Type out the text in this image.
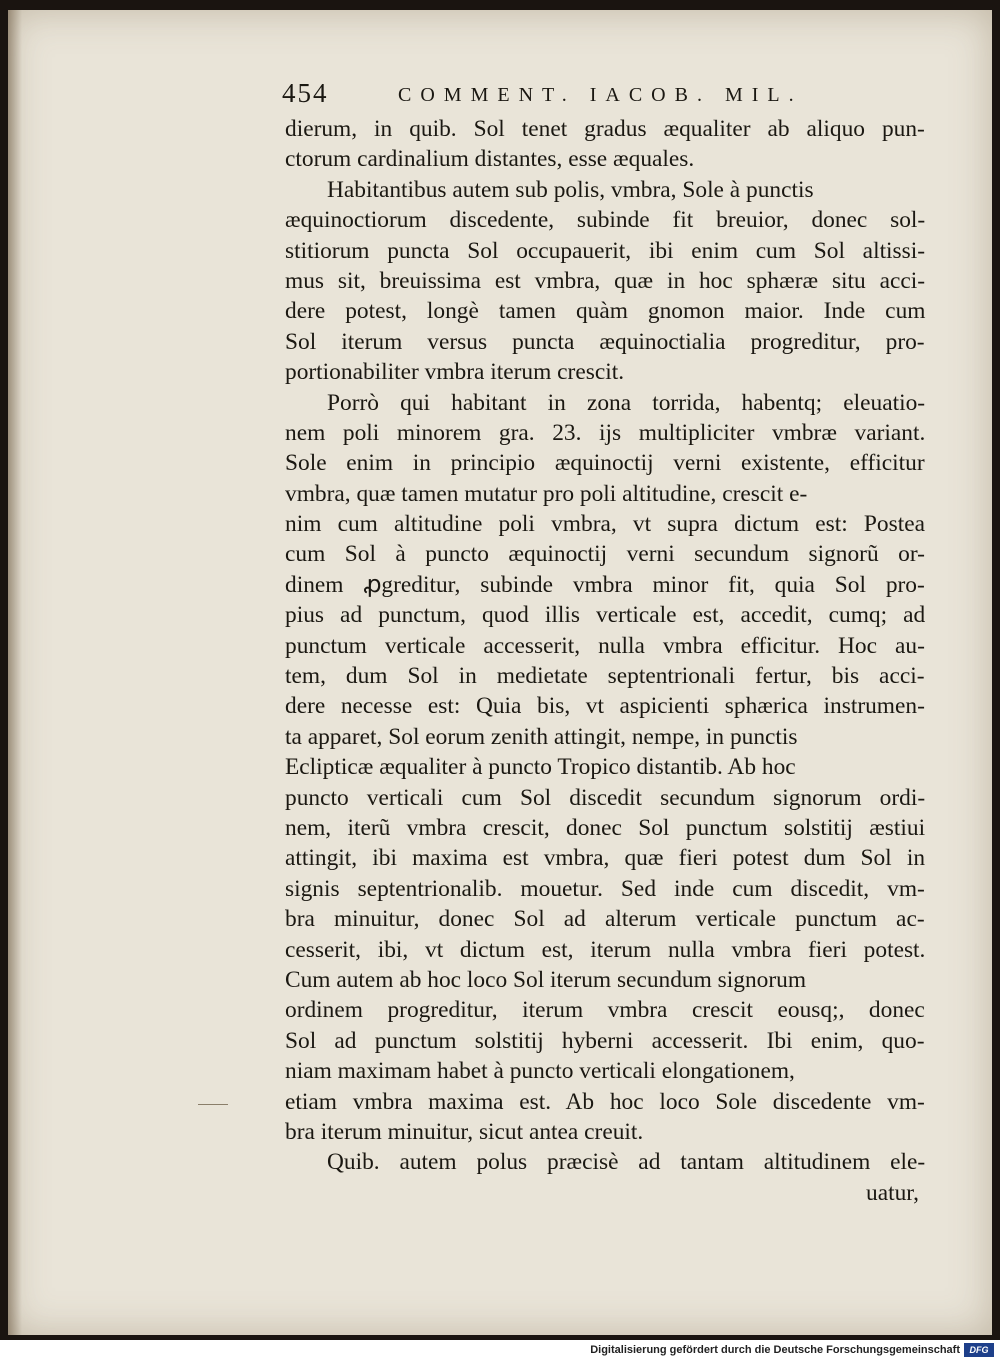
454	COMMENT. IACOB. MIL.
dierum, in quib. Sol tenet gradus æqualiter ab aliquo pun-
ctorum cardinalium distantes, esse æquales.
Habitantibus autem sub polis, vmbra, Sole à punctis
æquinoctiorum discedente, subinde fit breuior, donec sol-
stitiorum puncta Sol occupauerit, ibi enim cum Sol altissi-
mus sit, breuissima est vmbra, quæ in hoc sphæræ situ acci-
dere potest, longè tamen quàm gnomon maior. Inde cum
Sol iterum versus puncta æquinoctialia progreditur, pro-
portionabiliter vmbra iterum crescit.
Porrò qui habitant in zona torrida, habentq; eleuatio-
nem poli minorem gra. 23. ijs multipliciter vmbræ variant.
Sole enim in principio æquinoctij verni existente, efficitur
vmbra, quæ tamen mutatur pro poli altitudine, crescit e-
nim cum altitudine poli vmbra, vt supra dictum est: Postea
cum Sol à puncto æquinoctij verni secundum signorũ or-
dinem ꝓgreditur, subinde vmbra minor fit, quia Sol pro-
pius ad punctum, quod illis verticale est, accedit, cumq; ad
punctum verticale accesserit, nulla vmbra efficitur. Hoc au-
tem, dum Sol in medietate septentrionali fertur, bis acci-
dere necesse est: Quia bis, vt aspicienti sphærica instrumen-
ta apparet, Sol eorum zenith attingit, nempe, in punctis
Eclipticæ æqualiter à puncto Tropico distantib. Ab hoc
puncto verticali cum Sol discedit secundum signorum ordi-
nem, iterũ vmbra crescit, donec Sol punctum solstitij æstiui
attingit, ibi maxima est vmbra, quæ fieri potest dum Sol in
signis septentrionalib. mouetur. Sed inde cum discedit, vm-
bra minuitur, donec Sol ad alterum verticale punctum ac-
cesserit, ibi, vt dictum est, iterum nulla vmbra fieri potest.
Cum autem ab hoc loco Sol iterum secundum signorum
ordinem progreditur, iterum vmbra crescit eousq;, donec
Sol ad punctum solstitij hyberni accesserit. Ibi enim, quo-
niam maximam habet à puncto verticali elongationem,
etiam vmbra maxima est. Ab hoc loco Sole discedente vm-
bra iterum minuitur, sicut antea creuit.
Quib. autem polus præcisè ad tantam altitudinem ele-
uatur,
Digitalisierung gefördert durch die Deutsche Forschungsgemeinschaft	DFG
